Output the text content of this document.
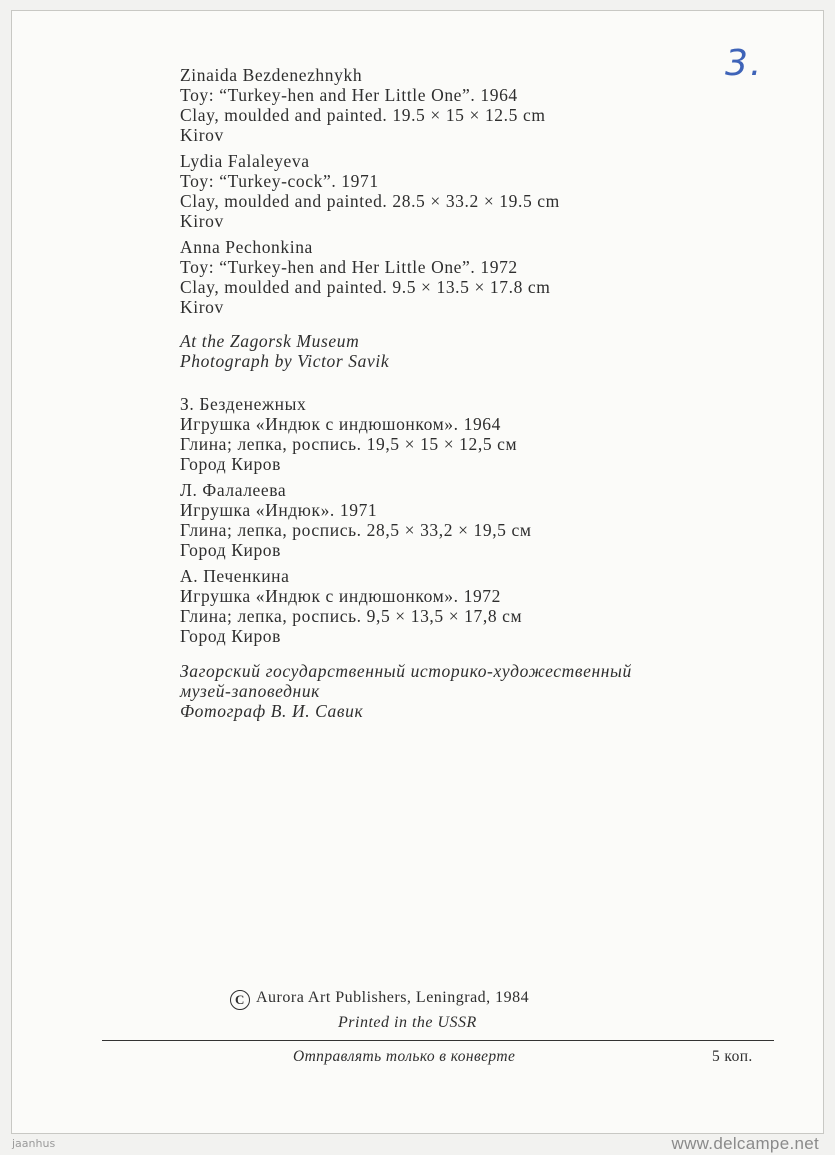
3.
Zinaida Bezdenezhnykh
Toy: “Turkey-hen and Her Little One”. 1964
Clay, moulded and painted. 19.5 × 15 × 12.5 cm
Kirov
Lydia Falaleyeva
Toy: “Turkey-cock”. 1971
Clay, moulded and painted. 28.5 × 33.2 × 19.5 cm
Kirov
Anna Pechonkina
Toy: “Turkey-hen and Her Little One”. 1972
Clay, moulded and painted. 9.5 × 13.5 × 17.8 cm
Kirov
At the Zagorsk Museum
Photograph by Victor Savik
З. Безденежных
Игрушка «Индюк с индюшонком». 1964
Глина; лепка, роспись. 19,5 × 15 × 12,5 см
Город Киров
Л. Фалалеева
Игрушка «Индюк». 1971
Глина; лепка, роспись. 28,5 × 33,2 × 19,5 см
Город Киров
А. Печенкина
Игрушка «Индюк с индюшонком». 1972
Глина; лепка, роспись. 9,5 × 13,5 × 17,8 см
Город Киров
Загорский государственный историко-художественный
музей-заповедник
Фотограф В. И. Савик
C Aurora Art Publishers, Leningrad, 1984
Printed in the USSR
Отправлять только в конверте	5 коп.
jaanhus	www.delcampe.net
